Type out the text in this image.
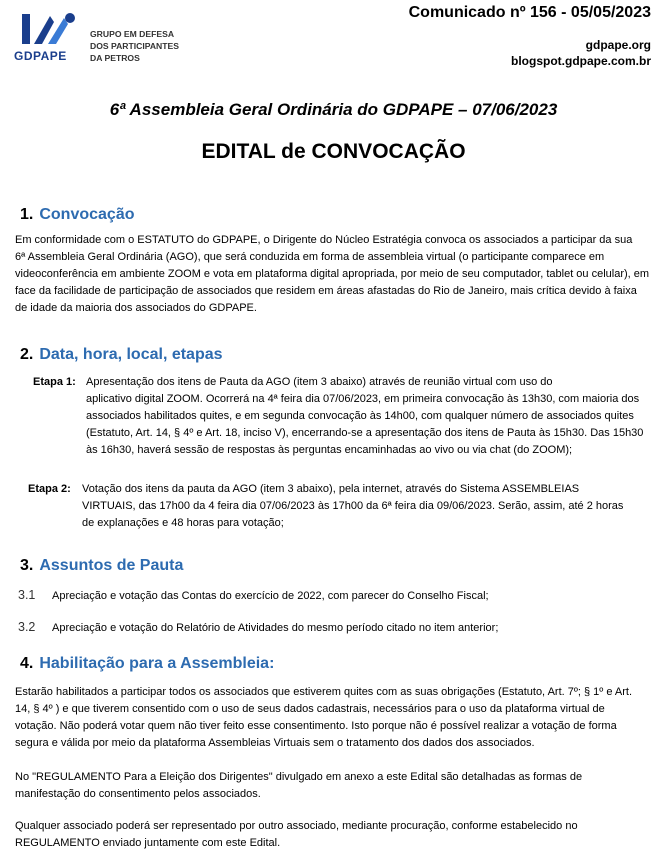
GDPAPE
GRUPO EM DEFESA
DOS PARTICIPANTES
DA PETROS
Comunicado nº 156 - 05/05/2023
gdpape.org
blogspot.gdpape.com.br
6ª Assembleia Geral Ordinária do GDPAPE – 07/06/2023
EDITAL de CONVOCAÇÃO
1. Convocação
Em conformidade com o ESTATUTO do GDPAPE, o Dirigente do Núcleo Estratégia convoca os associados a participar da sua
6ª Assembleia Geral Ordinária (AGO), que será conduzida em forma de assembleia virtual (o participante comparece em
videoconferência em ambiente ZOOM e vota em plataforma digital apropriada, por meio de seu computador, tablet ou celular), em
face da facilidade de participação de associados que residem em áreas afastadas do Rio de Janeiro, mais crítica devido à faixa
de idade da maioria dos associados do GDPAPE.
2. Data, hora, local, etapas
Etapa 1: Apresentação dos itens de Pauta da AGO (item 3 abaixo) através de reunião virtual com uso do
aplicativo digital ZOOM. Ocorrerá na 4ª feira dia 07/06/2023, em primeira convocação às 13h30, com maioria dos
associados habilitados quites, e em segunda convocação às 14h00, com qualquer número de associados quites
(Estatuto, Art. 14, § 4º e Art. 18, inciso V), encerrando-se a apresentação dos itens de Pauta às 15h30. Das 15h30
às 16h30, haverá sessão de respostas às perguntas encaminhadas ao vivo ou via chat (do ZOOM);
Etapa 2: Votação dos itens da pauta da AGO (item 3 abaixo), pela internet, através do Sistema ASSEMBLEIAS
VIRTUAIS, das 17h00 da 4 feira dia 07/06/2023 às 17h00 da 6ª feira dia 09/06/2023. Serão, assim, até 2 horas
de explanações e 48 horas para votação;
3. Assuntos de Pauta
3.1 Apreciação e votação das Contas do exercício de 2022, com parecer do Conselho Fiscal;
3.2 Apreciação e votação do Relatório de Atividades do mesmo período citado no item anterior;
4. Habilitação para a Assembleia:
Estarão habilitados a participar todos os associados que estiverem quites com as suas obrigações (Estatuto, Art. 7º; § 1º e Art.
14, § 4º ) e que tiverem consentido com o uso de seus dados cadastrais, necessários para o uso da plataforma virtual de
votação. Não poderá votar quem não tiver feito esse consentimento. Isto porque não é possível realizar a votação de forma
segura e válida por meio da plataforma Assembleias Virtuais sem o tratamento dos dados dos associados.
No "REGULAMENTO Para a Eleição dos Dirigentes" divulgado em anexo a este Edital são detalhadas as formas de
manifestação do consentimento pelos associados.
Qualquer associado poderá ser representado por outro associado, mediante procuração, conforme estabelecido no
REGULAMENTO enviado juntamente com este Edital.
